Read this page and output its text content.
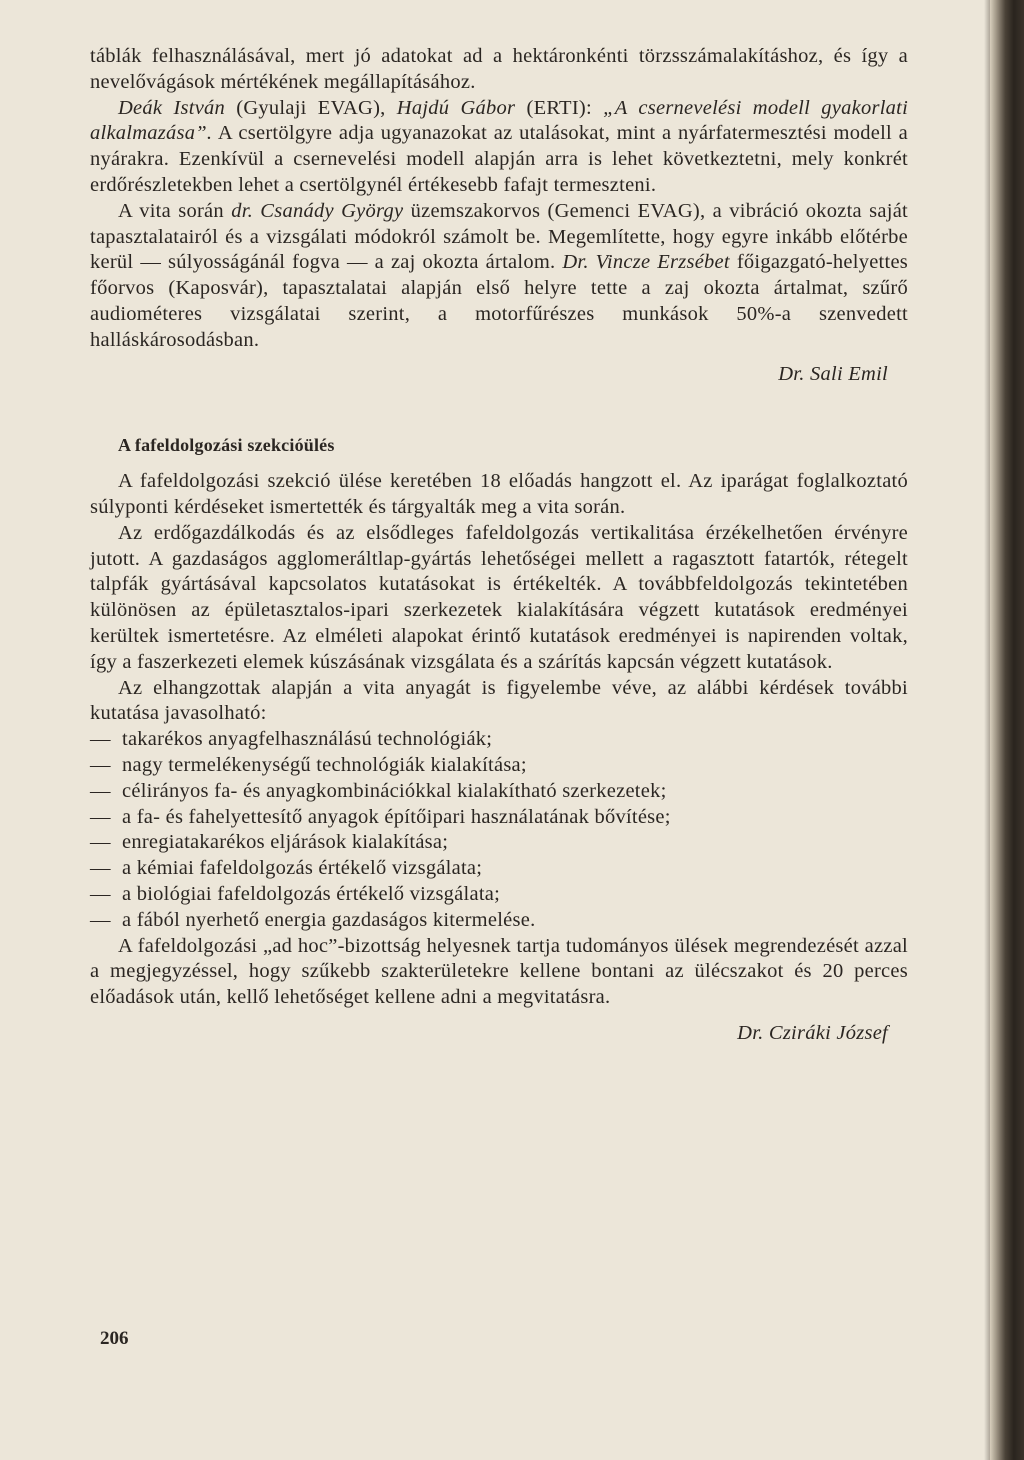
táblák felhasználásával, mert jó adatokat ad a hektáronkénti törzsszámalakításhoz, és így a nevelővágások mértékének megállapításához.

Deák István (Gyulaji EVAG), Hajdú Gábor (ERTI): „A csernevelési modell gyakorlati alkalmazása”. A csertölgyre adja ugyanazokat az utalásokat, mint a nyárfatermesztési modell a nyárakra. Ezenkívül a csernevelési modell alapján arra is lehet következtetni, mely konkrét erdőrészletekben lehet a csertölgynél értékesebb fafajt termeszteni.

A vita során dr. Csanády György üzemszakorvos (Gemenci EVAG), a vibráció okozta saját tapasztalatairól és a vizsgálati módokról számolt be. Megemlítette, hogy egyre inkább előtérbe kerül — súlyosságánál fogva — a zaj okozta ártalom. Dr. Vincze Erzsébet főigazgató-helyettes főorvos (Kaposvár), tapasztalatai alapján első helyre tette a zaj okozta ártalmat, szűrő audiométeres vizsgálatai szerint, a motorfűrészes munkások 50%-a szenvedett halláskárosodásban.

Dr. Sali Emil

A fafeldolgozási szekcióülés

A fafeldolgozási szekció ülése keretében 18 előadás hangzott el. Az iparágat foglalkoztató súlyponti kérdéseket ismertették és tárgyalták meg a vita során.

Az erdőgazdálkodás és az elsődleges fafeldolgozás vertikalitása érzékelhetően érvényre jutott. A gazdaságos agglomeráltlap-gyártás lehetőségei mellett a ragasztott fatartók, rétegelt talpfák gyártásával kapcsolatos kutatásokat is értékelték. A továbbfeldolgozás tekintetében különösen az épületasztalos-ipari szerkezetek kialakítására végzett kutatások eredményei kerültek ismertetésre. Az elméleti alapokat érintő kutatások eredményei is napirenden voltak, így a faszerkezeti elemek kúszásának vizsgálata és a szárítás kapcsán végzett kutatások.

Az elhangzottak alapján a vita anyagát is figyelembe véve, az alábbi kérdések további kutatása javasolható:

— takarékos anyagfelhasználású technológiák;
— nagy termelékenységű technológiák kialakítása;
— célirányos fa- és anyagkombinációkkal kialakítható szerkezetek;
— a fa- és fahelyettesítő anyagok építőipari használatának bővítése;
— enregiatakarékos eljárások kialakítása;
— a kémiai fafeldolgozás értékelő vizsgálata;
— a biológiai fafeldolgozás értékelő vizsgálata;
— a fából nyerhető energia gazdaságos kitermelése.

A fafeldolgozási „ad hoc”-bizottság helyesnek tartja tudományos ülések megrendezését azzal a megjegyzéssel, hogy szűkebb szakterületekre kellene bontani az üléсszakot és 20 perces előadások után, kellő lehetőséget kellene adni a megvitatásra.

Dr. Cziráki József

206
